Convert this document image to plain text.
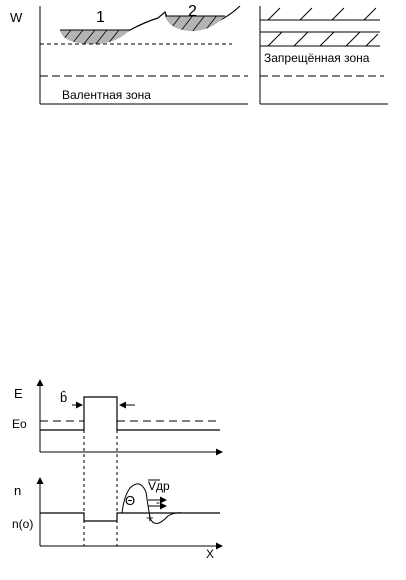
W	1	2
Валентная зона
Запрещённая зона
E
Eo
b̂
n
n(o)
X
Θ
Vдр
+
-
